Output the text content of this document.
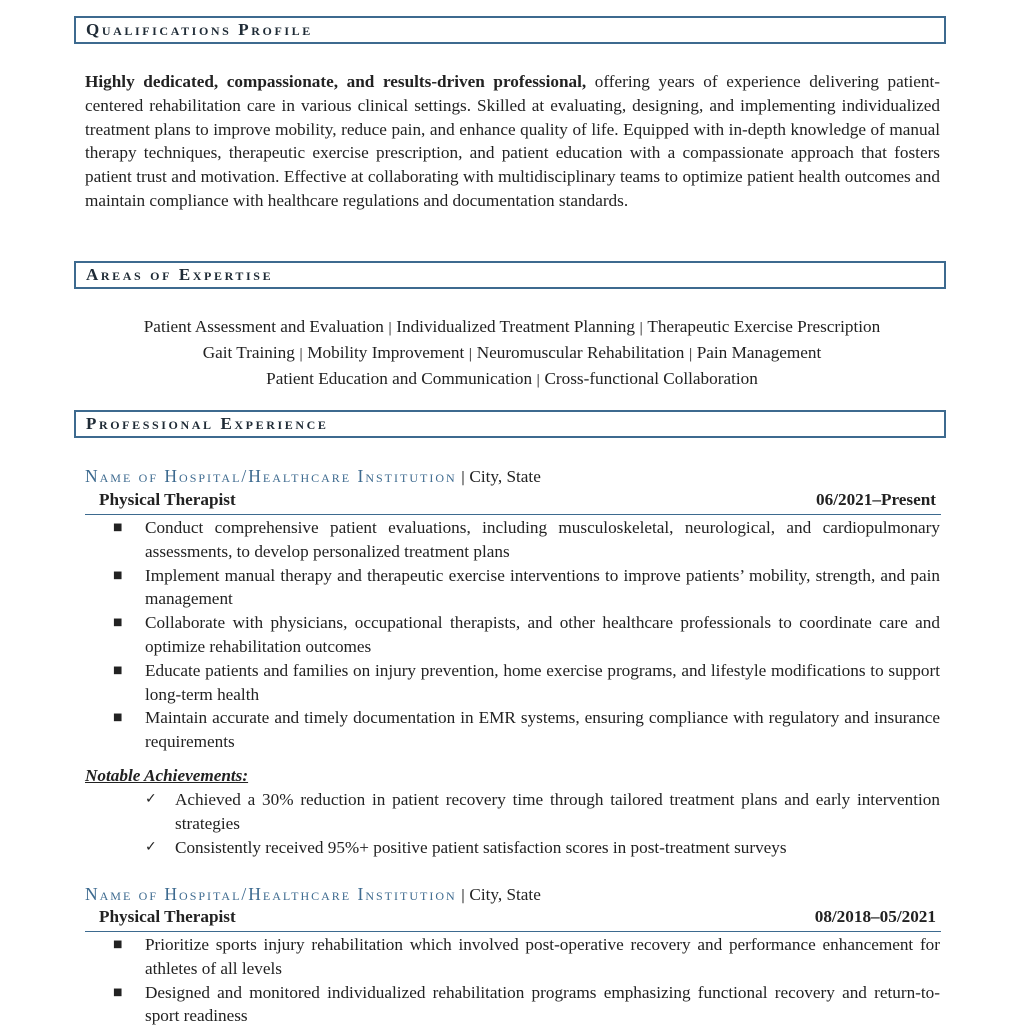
Qualifications Profile

Highly dedicated, compassionate, and results-driven professional, offering years of experience delivering patient-centered rehabilitation care in various clinical settings. Skilled at evaluating, designing, and implementing individualized treatment plans to improve mobility, reduce pain, and enhance quality of life. Equipped with in-depth knowledge of manual therapy techniques, therapeutic exercise prescription, and patient education with a compassionate approach that fosters patient trust and motivation. Effective at collaborating with multidisciplinary teams to optimize patient health outcomes and maintain compliance with healthcare regulations and documentation standards.

Areas of Expertise
Patient Assessment and Evaluation | Individualized Treatment Planning | Therapeutic Exercise Prescription
Gait Training | Mobility Improvement | Neuromuscular Rehabilitation | Pain Management
Patient Education and Communication | Cross-functional Collaboration
Professional Experience
Name of Hospital/Healthcare Institution | City, State
Physical Therapist	06/2021–Present
■ Conduct comprehensive patient evaluations, including musculoskeletal, neurological, and cardiopulmonary assessments, to develop personalized treatment plans
■ Implement manual therapy and therapeutic exercise interventions to improve patients’ mobility, strength, and pain management
■ Collaborate with physicians, occupational therapists, and other healthcare professionals to coordinate care and optimize rehabilitation outcomes
■ Educate patients and families on injury prevention, home exercise programs, and lifestyle modifications to support long-term health
■ Maintain accurate and timely documentation in EMR systems, ensuring compliance with regulatory and insurance requirements
Notable Achievements:
✓ Achieved a 30% reduction in patient recovery time through tailored treatment plans and early intervention strategies
✓ Consistently received 95%+ positive patient satisfaction scores in post-treatment surveys
Name of Hospital/Healthcare Institution | City, State
Physical Therapist	08/2018–05/2021
■ Prioritize sports injury rehabilitation which involved post-operative recovery and performance enhancement for athletes of all levels
■ Designed and monitored individualized rehabilitation programs emphasizing functional recovery and return-to-sport readiness
